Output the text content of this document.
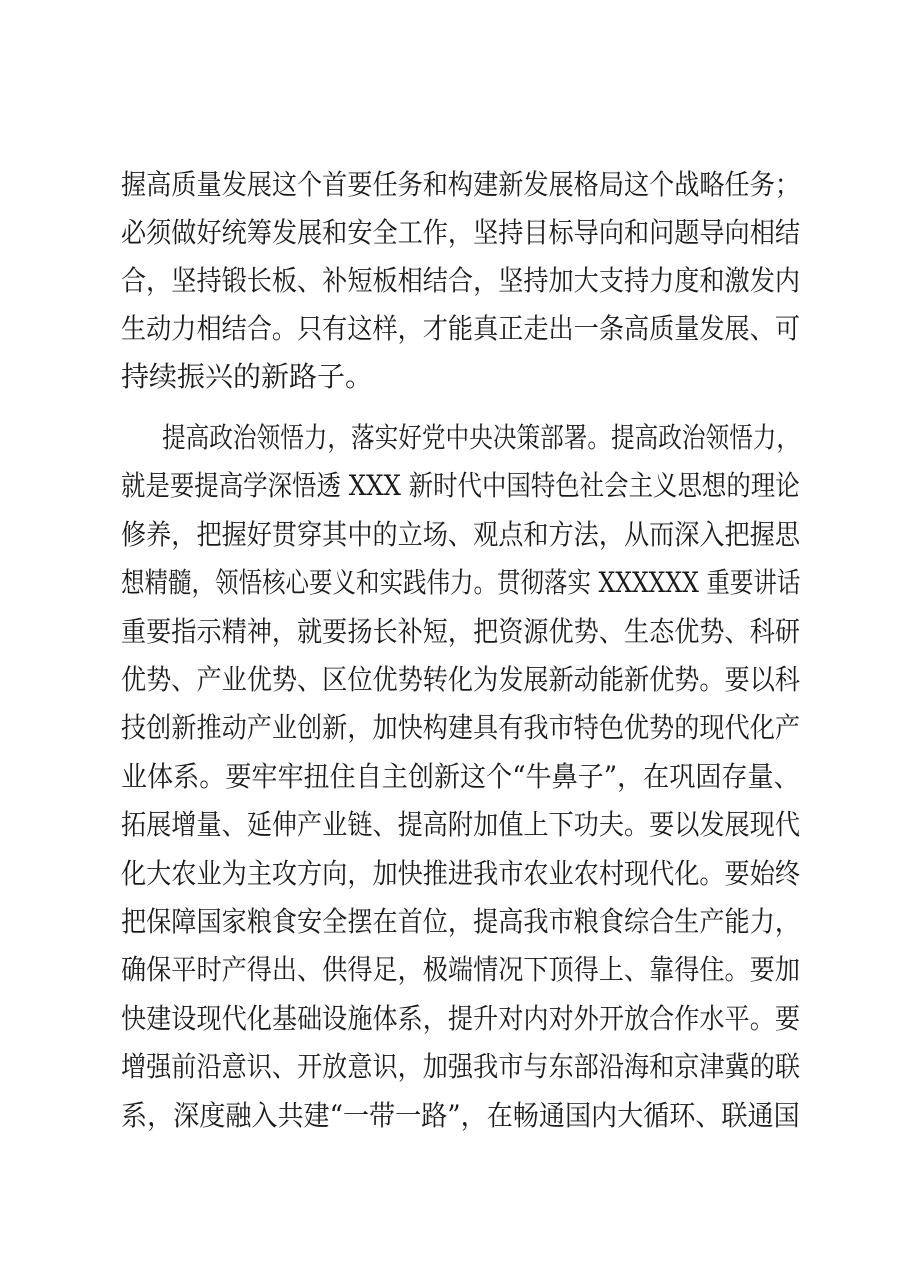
握高质量发展这个首要任务和构建新发展格局这个战略任务；
必须做好统筹发展和安全工作，坚持目标导向和问题导向相结
合，坚持锻长板、补短板相结合，坚持加大支持力度和激发内
生动力相结合。只有这样，才能真正走出一条高质量发展、可
持续振兴的新路子。
提高政治领悟力，落实好党中央决策部署。提高政治领悟力，
就是要提高学深悟透 XXX 新时代中国特色社会主义思想的理论
修养，把握好贯穿其中的立场、观点和方法，从而深入把握思
想精髓，领悟核心要义和实践伟力。贯彻落实 XXXXXX 重要讲话
重要指示精神，就要扬长补短，把资源优势、生态优势、科研
优势、产业优势、区位优势转化为发展新动能新优势。要以科
技创新推动产业创新，加快构建具有我市特色优势的现代化产
业体系。要牢牢扭住自主创新这个“牛鼻子”，在巩固存量、
拓展增量、延伸产业链、提高附加值上下功夫。要以发展现代
化大农业为主攻方向，加快推进我市农业农村现代化。要始终
把保障国家粮食安全摆在首位，提高我市粮食综合生产能力，
确保平时产得出、供得足，极端情况下顶得上、靠得住。要加
快建设现代化基础设施体系，提升对内对外开放合作水平。要
增强前沿意识、开放意识，加强我市与东部沿海和京津冀的联
系，深度融入共建“一带一路”，在畅通国内大循环、联通国
